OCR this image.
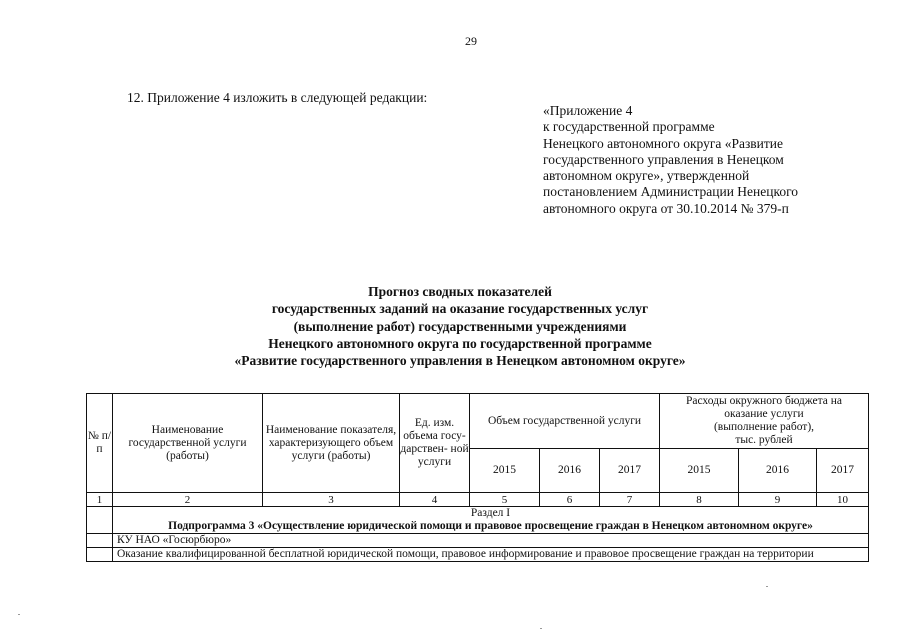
29
12. Приложение 4 изложить в следующей редакции:
«Приложение 4
к государственной программе
Ненецкого автономного округа «Развитие
государственного управления в Ненецком
автономном округе», утвержденной
постановлением Администрации Ненецкого
автономного округа от 30.10.2014 № 379-п
Прогноз сводных показателей
государственных заданий на оказание государственных услуг
(выполнение работ) государственными учреждениями
Ненецкого автономного округа по государственной программе
«Развитие государственного управления в Ненецком автономном округе»
№ п/п	Наименование государственной услуги (работы)	Наименование показателя, характеризующего объем услуги (работы)	Ед. изм. объема госу- дарствен- ной услуги	Объем государственной услуги			Расходы окружного бюджета на
оказание услуги
(выполнение работ),
тыс. рублей		

				2015	2016	2017	2015	2016	2017
1	2	3	4	5	6	7	8	9	10

	Раздел I
Подпрограмма 3 «Осуществление юридической помощи и правовое просвещение граждан в Ненецком автономном округе»								

	КУ НАО «Госюрбюро»								
	Оказание квалифицированной бесплатной юридической помощи, правовое информирование и правовое просвещение граждан на территории								
